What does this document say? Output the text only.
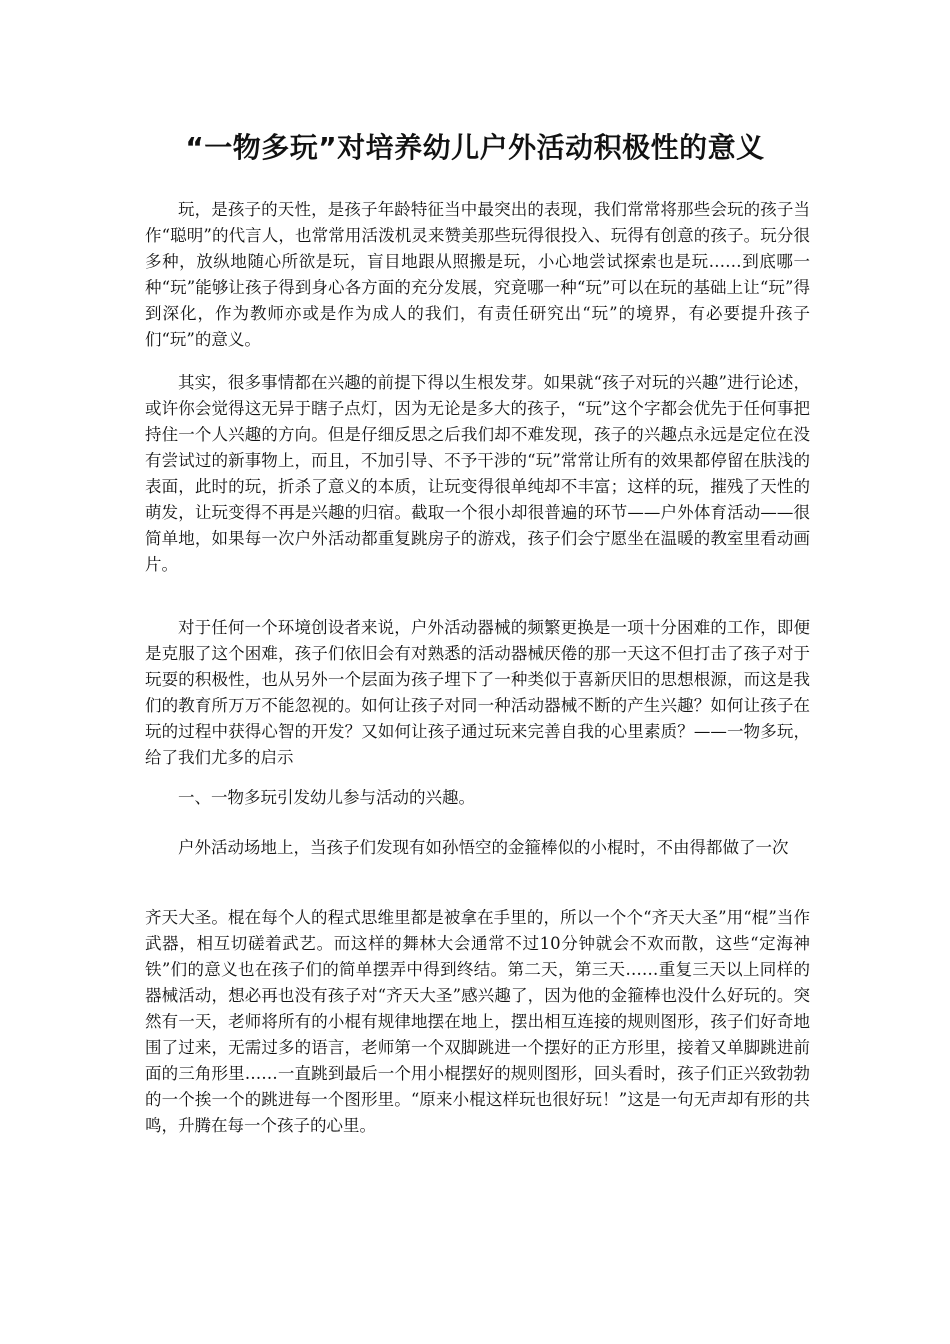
“一物多玩”对培养幼儿户外活动积极性的意义

玩，是孩子的天性，是孩子年龄特征当中最突出的表现，我们常常将那些会玩的孩子当作“聪明”的代言人，也常常用活泼机灵来赞美那些玩得很投入、玩得有创意的孩子。玩分很多种，放纵地随心所欲是玩，盲目地跟从照搬是玩，小心地尝试探索也是玩……到底哪一种“玩”能够让孩子得到身心各方面的充分发展，究竟哪一种“玩”可以在玩的基础上让“玩”得到深化，作为教师亦或是作为成人的我们，有责任研究出“玩”的境界，有必要提升孩子们“玩”的意义。

其实，很多事情都在兴趣的前提下得以生根发芽。如果就“孩子对玩的兴趣”进行论述，或许你会觉得这无异于瞎子点灯，因为无论是多大的孩子，“玩”这个字都会优先于任何事把持住一个人兴趣的方向。但是仔细反思之后我们却不难发现，孩子的兴趣点永远是定位在没有尝试过的新事物上，而且，不加引导、不予干涉的“玩”常常让所有的效果都停留在肤浅的表面，此时的玩，折杀了意义的本质，让玩变得很单纯却不丰富；这样的玩，摧残了天性的萌发，让玩变得不再是兴趣的归宿。截取一个很小却很普遍的环节——户外体育活动——很简单地，如果每一次户外活动都重复跳房子的游戏，孩子们会宁愿坐在温暖的教室里看动画片。

对于任何一个环境创设者来说，户外活动器械的频繁更换是一项十分困难的工作，即便是克服了这个困难，孩子们依旧会有对熟悉的活动器械厌倦的那一天这不但打击了孩子对于玩耍的积极性，也从另外一个层面为孩子埋下了一种类似于喜新厌旧的思想根源，而这是我们的教育所万万不能忽视的。如何让孩子对同一种活动器械不断的产生兴趣？如何让孩子在玩的过程中获得心智的开发？又如何让孩子通过玩来完善自我的心里素质？——一物多玩，给了我们尤多的启示

一、一物多玩引发幼儿参与活动的兴趣。

户外活动场地上，当孩子们发现有如孙悟空的金箍棒似的小棍时，不由得都做了一次

齐天大圣。棍在每个人的程式思维里都是被拿在手里的，所以一个个“齐天大圣”用“棍”当作武器，相互切磋着武艺。而这样的舞林大会通常不过10分钟就会不欢而散，这些“定海神铁”们的意义也在孩子们的简单摆弄中得到终结。第二天，第三天……重复三天以上同样的器械活动，想必再也没有孩子对“齐天大圣”感兴趣了，因为他的金箍棒也没什么好玩的。突然有一天，老师将所有的小棍有规律地摆在地上，摆出相互连接的规则图形，孩子们好奇地围了过来，无需过多的语言，老师第一个双脚跳进一个摆好的正方形里，接着又单脚跳进前面的三角形里……一直跳到最后一个用小棍摆好的规则图形，回头看时，孩子们正兴致勃勃的一个挨一个的跳进每一个图形里。“原来小棍这样玩也很好玩！”这是一句无声却有形的共鸣，升腾在每一个孩子的心里。
